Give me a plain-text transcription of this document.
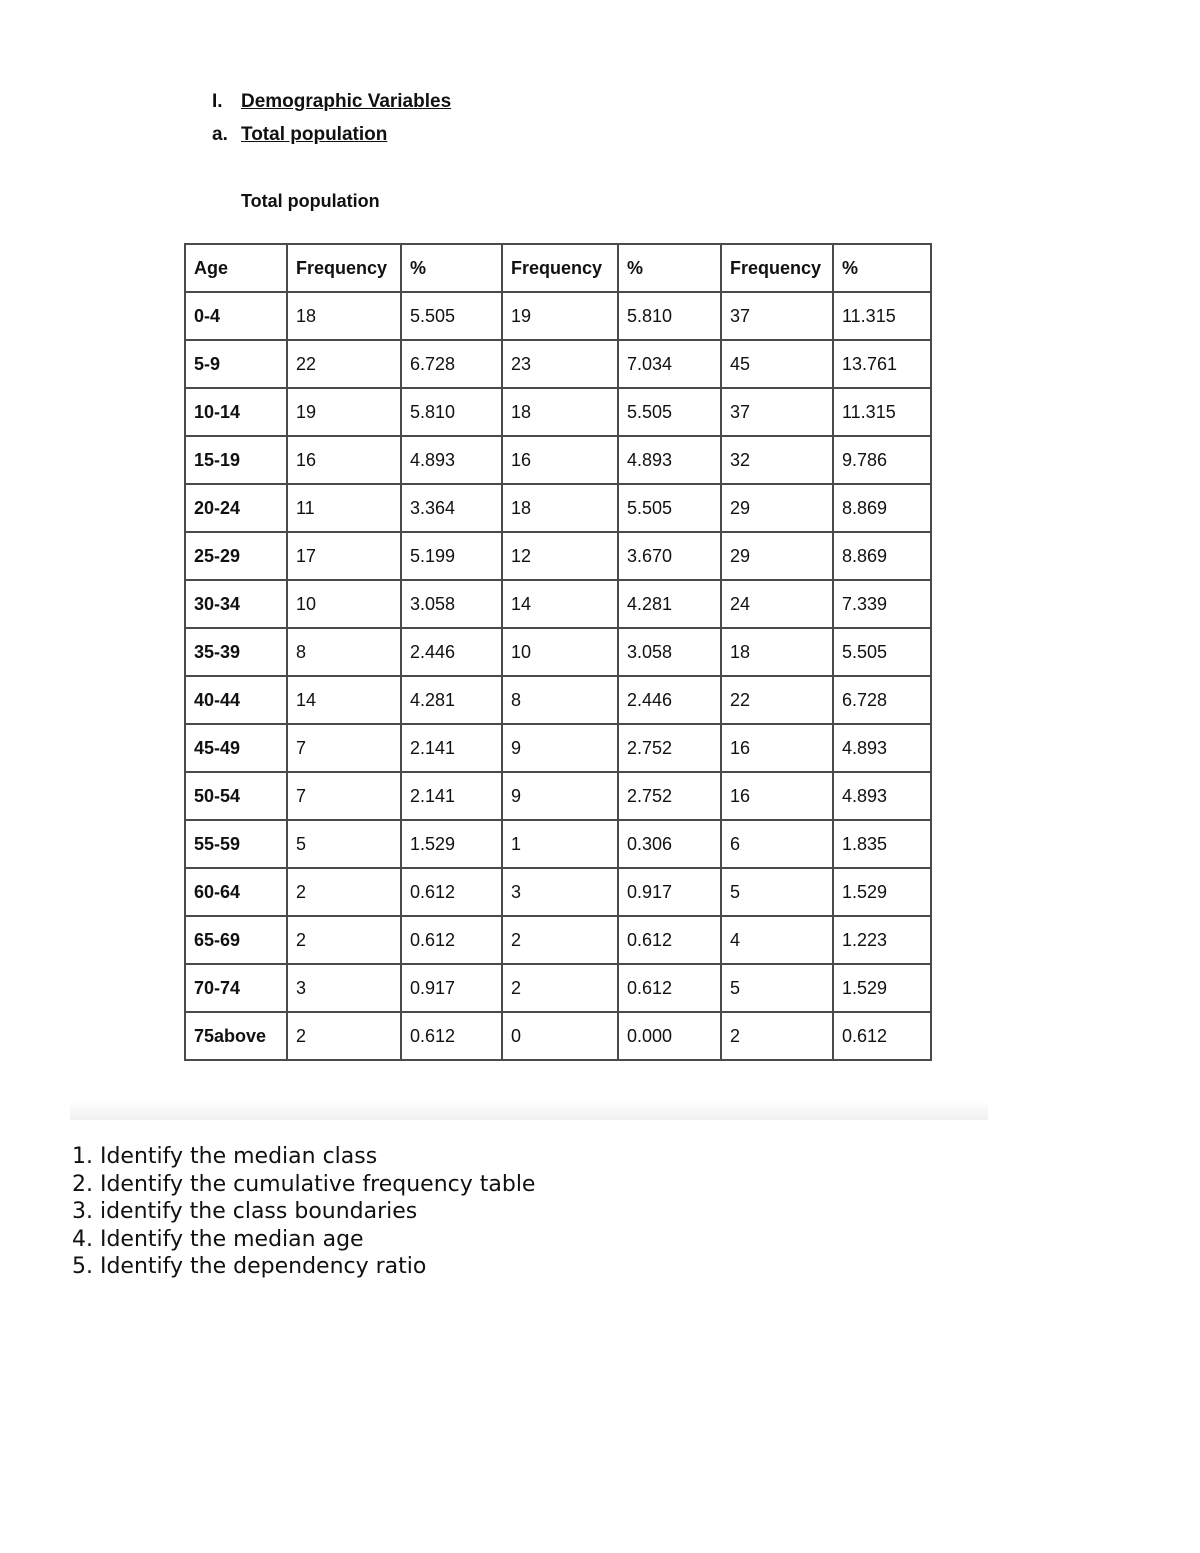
I. Demographic Variables
a. Total population
Total population
Age	Frequency	%	Frequency	%	Frequency	%
0-4	18	5.505	19	5.810	37	11.315
5-9	22	6.728	23	7.034	45	13.761
10-14	19	5.810	18	5.505	37	11.315
15-19	16	4.893	16	4.893	32	9.786
20-24	11	3.364	18	5.505	29	8.869
25-29	17	5.199	12	3.670	29	8.869
30-34	10	3.058	14	4.281	24	7.339
35-39	8	2.446	10	3.058	18	5.505
40-44	14	4.281	8	2.446	22	6.728
45-49	7	2.141	9	2.752	16	4.893
50-54	7	2.141	9	2.752	16	4.893
55-59	5	1.529	1	0.306	6	1.835
60-64	2	0.612	3	0.917	5	1.529
65-69	2	0.612	2	0.612	4	1.223
70-74	3	0.917	2	0.612	5	1.529
75above	2	0.612	0	0.000	2	0.612
1. Identify the median class
2. Identify the cumulative frequency table
3. identify the class boundaries
4. Identify the median age
5. Identify the dependency ratio
